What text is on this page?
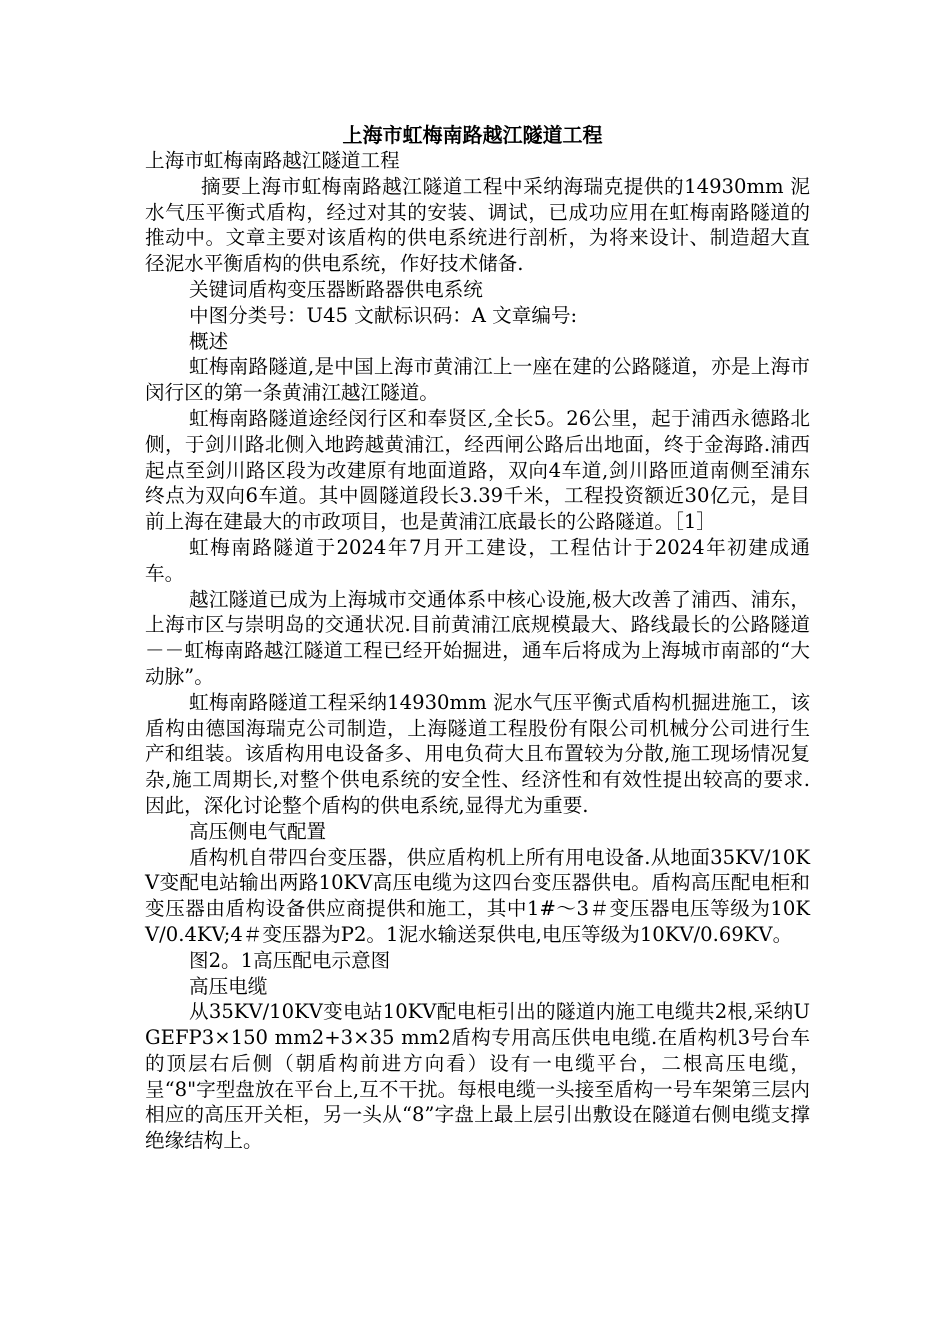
上海市虹梅南路越江隧道工程

上海市虹梅南路越江隧道工程

摘要上海市虹梅南路越江隧道工程中采纳海瑞克提供的14930mm 泥水气压平衡式盾构，经过对其的安装、调试，已成功应用在虹梅南路隧道的推动中。文章主要对该盾构的供电系统进行剖析，为将来设计、制造超大直径泥水平衡盾构的供电系统，作好技术储备.

关键词盾构变压器断路器供电系统

中图分类号：U45 文献标识码：A 文章编号:

概述

虹梅南路隧道,是中国上海市黄浦江上一座在建的公路隧道，亦是上海市闵行区的第一条黄浦江越江隧道。

虹梅南路隧道途经闵行区和奉贤区,全长5。26公里，起于浦西永德路北侧，于剑川路北侧入地跨越黄浦江，经西闸公路后出地面，终于金海路.浦西起点至剑川路区段为改建原有地面道路，双向4车道,剑川路匝道南侧至浦东终点为双向6车道。其中圆隧道段长3.39千米，工程投资额近30亿元，是目前上海在建最大的市政项目，也是黄浦江底最长的公路隧道。［1］

虹梅南路隧道于2024年7月开工建设，工程估计于2024年初建成通车。

越江隧道已成为上海城市交通体系中核心设施,极大改善了浦西、浦东，上海市区与崇明岛的交通状况.目前黄浦江底规模最大、路线最长的公路隧道－－虹梅南路越江隧道工程已经开始掘进，通车后将成为上海城市南部的“大动脉”。

虹梅南路隧道工程采纳14930mm 泥水气压平衡式盾构机掘进施工，该盾构由德国海瑞克公司制造，上海隧道工程股份有限公司机械分公司进行生产和组装。该盾构用电设备多、用电负荷大且布置较为分散,施工现场情况复杂,施工周期长,对整个供电系统的安全性、经济性和有效性提出较高的要求.因此，深化讨论整个盾构的供电系统,显得尤为重要.

高压侧电气配置

盾构机自带四台变压器，供应盾构机上所有用电设备.从地面35KV/10KV变配电站输出两路10KV高压电缆为这四台变压器供电。盾构高压配电柜和变压器由盾构设备供应商提供和施工，其中1#～3＃变压器电压等级为10KV/0.4KV;4＃变压器为P2。1泥水输送泵供电,电压等级为10KV/0.69KV。

图2。1高压配电示意图

高压电缆

从35KV/10KV变电站10KV配电柜引出的隧道内施工电缆共2根,采纳UGEFP3×150 mm2+3×35 mm2盾构专用高压供电电缆.在盾构机3号台车的顶层右后侧（朝盾构前进方向看）设有一电缆平台，二根高压电缆，呈“8"字型盘放在平台上,互不干扰。每根电缆一头接至盾构一号车架第三层内相应的高压开关柜，另一头从“8”字盘上最上层引出敷设在隧道右侧电缆支撑绝缘结构上。
